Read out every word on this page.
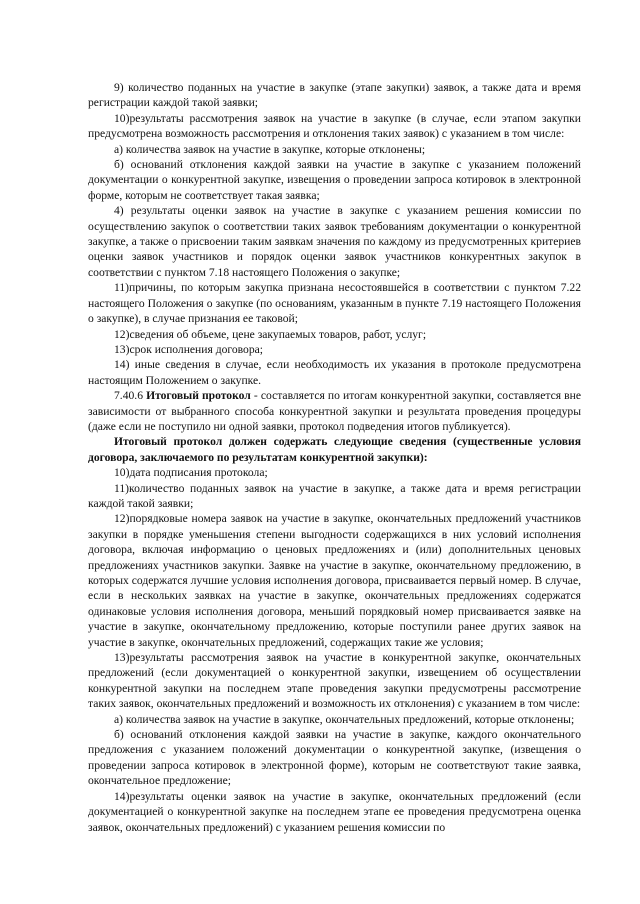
9) количество поданных на участие в закупке (этапе закупки) заявок, а также дата и время регистрации каждой такой заявки;

10)результаты рассмотрения заявок на участие в закупке (в случае, если этапом закупки предусмотрена возможность рассмотрения и отклонения таких заявок) с указанием в том числе:

а) количества заявок на участие в закупке, которые отклонены;

б) оснований отклонения каждой заявки на участие в закупке с указанием положений документации о конкурентной закупке, извещения о проведении запроса котировок в электронной форме, которым не соответствует такая заявка;

4) результаты оценки заявок на участие в закупке с указанием решения комиссии по осуществлению закупок о соответствии таких заявок требованиям документации о конкурентной закупке, а также о присвоении таким заявкам значения по каждому из предусмотренных критериев оценки заявок участников и порядок оценки заявок участников конкурентных закупок в соответствии с пунктом 7.18 настоящего Положения о закупке;

11)причины, по которым закупка признана несостоявшейся в соответствии с пунктом 7.22 настоящего Положения о закупке (по основаниям, указанным в пункте 7.19 настоящего Положения о закупке), в случае признания ее таковой;

12)сведения об объеме, цене закупаемых товаров, работ, услуг;

13)срок исполнения договора;

14) иные сведения в случае, если необходимость их указания в протоколе предусмотрена настоящим Положением о закупке.

7.40.6 Итоговый протокол - составляется по итогам конкурентной закупки, составляется вне зависимости от выбранного способа конкурентной закупки и результата проведения процедуры (даже если не поступило ни одной заявки, протокол подведения итогов публикуется).

Итоговый протокол должен содержать следующие сведения (существенные условия договора, заключаемого по результатам конкурентной закупки):

10)дата подписания протокола;

11)количество поданных заявок на участие в закупке, а также дата и время регистрации каждой такой заявки;

12)порядковые номера заявок на участие в закупке, окончательных предложений участников закупки в порядке уменьшения степени выгодности содержащихся в них условий исполнения договора, включая информацию о ценовых предложениях и (или) дополнительных ценовых предложениях участников закупки. Заявке на участие в закупке, окончательному предложению, в которых содержатся лучшие условия исполнения договора, присваивается первый номер. В случае, если в нескольких заявках на участие в закупке, окончательных предложениях содержатся одинаковые условия исполнения договора, меньший порядковый номер присваивается заявке на участие в закупке, окончательному предложению, которые поступили ранее других заявок на участие в закупке, окончательных предложений, содержащих такие же условия;

13)результаты рассмотрения заявок на участие в конкурентной закупке, окончательных предложений (если документацией о конкурентной закупки, извещением об осуществлении конкурентной закупки на последнем этапе проведения закупки предусмотрены рассмотрение таких заявок, окончательных предложений и возможность их отклонения) с указанием в том числе:

а) количества заявок на участие в закупке, окончательных предложений, которые отклонены;

б) оснований отклонения каждой заявки на участие в закупке, каждого окончательного предложения с указанием положений документации о конкурентной закупке, (извещения о проведении запроса котировок в электронной форме), которым не соответствуют такие заявка, окончательное предложение;

14)результаты оценки заявок на участие в закупке, окончательных предложений (если документацией о конкурентной закупке на последнем этапе ее проведения предусмотрена оценка заявок, окончательных предложений) с указанием решения комиссии по
